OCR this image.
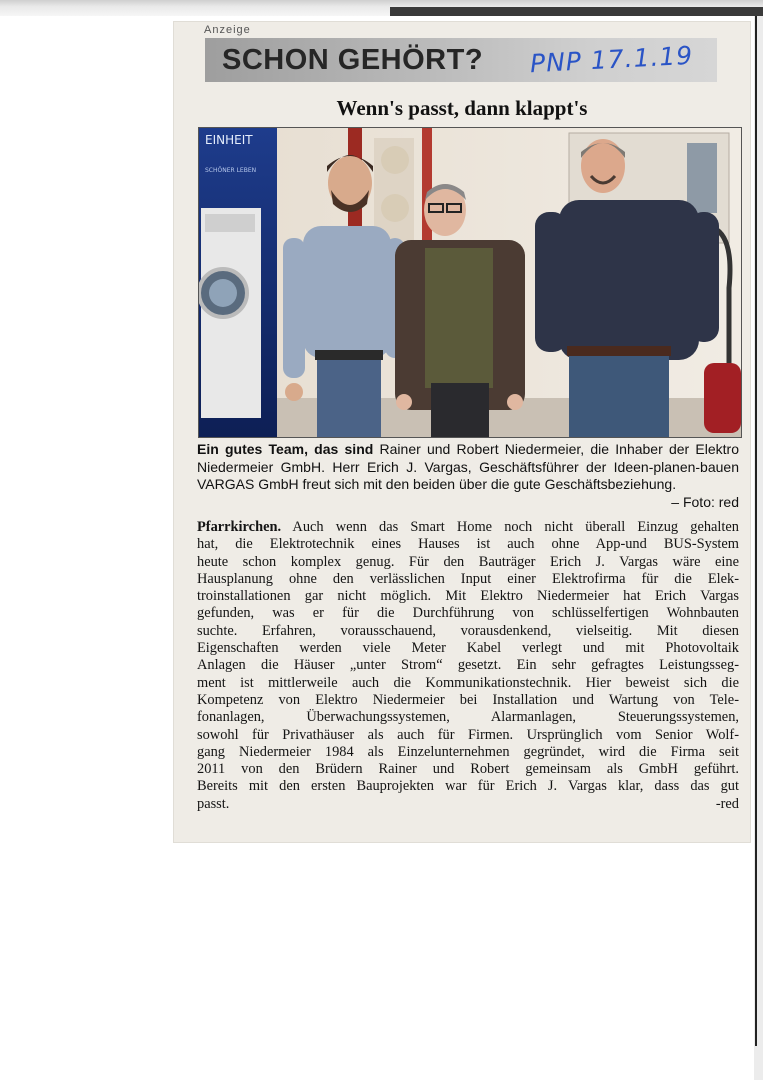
Anzeige
SCHON GEHÖRT? PNP 17.1.19
Wenn's passt, dann klappt's
EINHEIT
SCHÖNER LEBEN
Ein gutes Team, das sind Rainer und Robert Niedermeier, die Inhaber der Elektro Niedermeier GmbH. Herr Erich J. Vargas, Geschäftsführer der Ideen-planen-bauen VARGAS GmbH freut sich mit den beiden über die gute Geschäftsbeziehung.
– Foto: red
Pfarrkirchen. Auch wenn das Smart Home noch nicht überall Einzug gehalten
hat, die Elektrotechnik eines Hauses ist auch ohne App-und BUS-System
heute schon komplex genug. Für den Bauträger Erich J. Vargas wäre eine
Hausplanung ohne den verlässlichen Input einer Elektrofirma für die Elek-
troinstallationen gar nicht möglich. Mit Elektro Niedermeier hat Erich Vargas
gefunden, was er für die Durchführung von schlüsselfertigen Wohnbauten
suchte. Erfahren, vorausschauend, vorausdenkend, vielseitig. Mit diesen
Eigenschaften werden viele Meter Kabel verlegt und mit Photovoltaik
Anlagen die Häuser „unter Strom“ gesetzt. Ein sehr gefragtes Leistungsseg-
ment ist mittlerweile auch die Kommunikationstechnik. Hier beweist sich die
Kompetenz von Elektro Niedermeier bei Installation und Wartung von Tele-
fonanlagen, Überwachungssystemen, Alarmanlagen, Steuerungssystemen,
sowohl für Privathäuser als auch für Firmen. Ursprünglich vom Senior Wolf-
gang Niedermeier 1984 als Einzelunternehmen gegründet, wird die Firma seit
2011 von den Brüdern Rainer und Robert gemeinsam als GmbH geführt.
Bereits mit den ersten Bauprojekten war für Erich J. Vargas klar, dass das gut
passt.	-red
